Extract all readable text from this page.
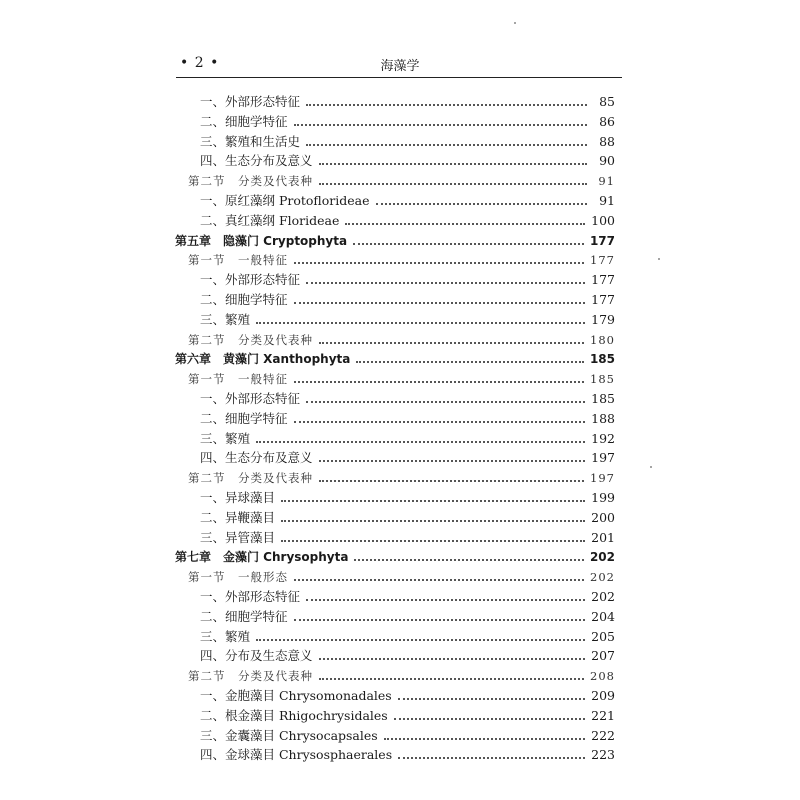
• 2 •	海藻学
一、外部形态特征	85
二、细胞学特征	86
三、繁殖和生活史	88
四、生态分布及意义	90
第二节　分类及代表种	91
一、原红藻纲 Protoflorideae	91
二、真红藻纲 Florideae	100
第五章　隐藻门 Cryptophyta	177
第一节　一般特征	177
一、外部形态特征	177
二、细胞学特征	177
三、繁殖	179
第二节　分类及代表种	180
第六章　黄藻门 Xanthophyta	185
第一节　一般特征	185
一、外部形态特征	185
二、细胞学特征	188
三、繁殖	192
四、生态分布及意义	197
第二节　分类及代表种	197
一、异球藻目	199
二、异鞭藻目	200
三、异管藻目	201
第七章　金藻门 Chrysophyta	202
第一节　一般形态	202
一、外部形态特征	202
二、细胞学特征	204
三、繁殖	205
四、分布及生态意义	207
第二节　分类及代表种	208
一、金胞藻目 Chrysomonadales	209
二、根金藻目 Rhigochrysidales	221
三、金囊藻目 Chrysocapsales	222
四、金球藻目 Chrysosphaerales	223
